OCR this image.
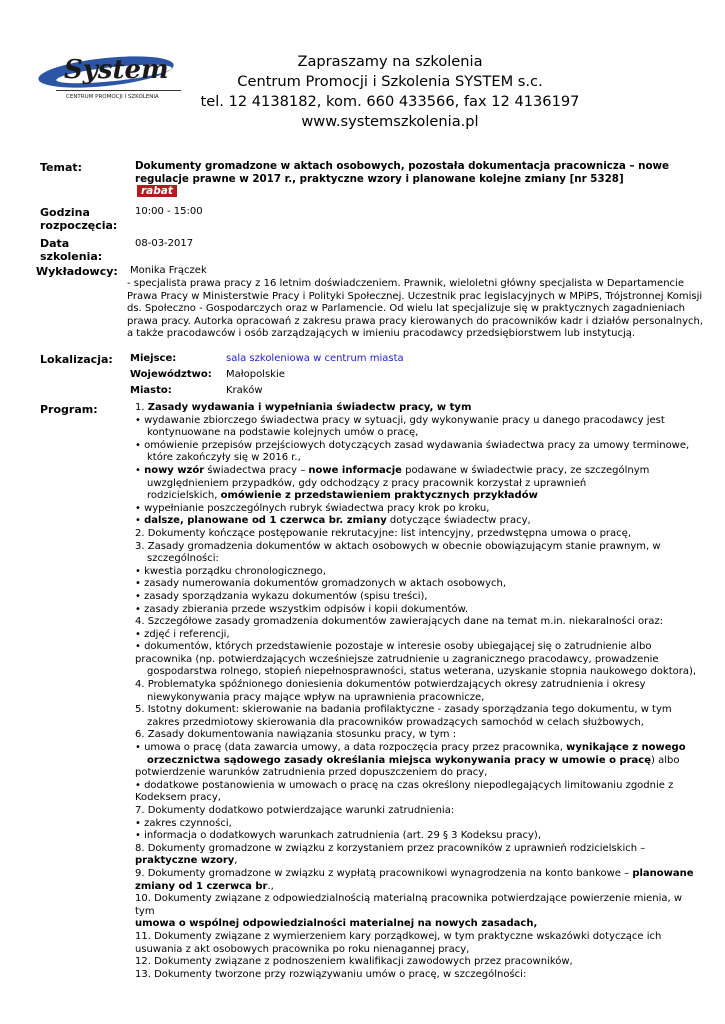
System
CENTRUM PROMOCJI I SZKOLENIA
Zapraszamy na szkolenia
Centrum Promocji i Szkolenia SYSTEM s.c.
tel. 12 4138182, kom. 660 433566, fax 12 4136197
www.systemszkolenia.pl
Temat:	Dokumenty gromadzone w aktach osobowych, pozostała dokumentacja pracownicza – nowe
regulacje prawne w 2017 r., praktyczne wzory i planowane kolejne zmiany [nr 5328]
rabat
Godzina
rozpoczęcia:
10:00 - 15:00
Data
szkolenia:
08-03-2017
Wykładowcy: Monika Frączek
- specjalista prawa pracy z 16 letnim doświadczeniem. Prawnik, wieloletni główny specjalista w Departamencie
Prawa Pracy w Ministerstwie Pracy i Polityki Społecznej. Uczestnik prac legislacyjnych w MPiPS, Trójstronnej Komisji
ds. Społeczno - Gospodarczych oraz w Parlamencie. Od wielu lat specjalizuje się w praktycznych zagadnieniach
prawa pracy. Autorka opracowań z zakresu prawa pracy kierowanych do pracowników kadr i działów personalnych,
a także pracodawców i osób zarządzających w imieniu pracodawcy przedsiębiorstwem lub instytucją.
Lokalizacja: Miejsce:	sala szkoleniowa w centrum miasta
Województwo: Małopolskie
Miasto:	Kraków
Program:	1. Zasady wydawania i wypełniania świadectw pracy, w tym

• wydawanie zbiorczego świadectwa pracy w sytuacji, gdy wykonywanie pracy u danego pracodawcy jest

kontynuowane na podstawie kolejnych umów o pracę,

• omówienie przepisów przejściowych dotyczących zasad wydawania świadectwa pracy za umowy terminowe,

które zakończyły się w 2016 r.,

• nowy wzór świadectwa pracy – nowe informacje podawane w świadectwie pracy, ze szczególnym

uwzględnieniem przypadków, gdy odchodzący z pracy pracownik korzystał z uprawnień

rodzicielskich, omówienie z przedstawieniem praktycznych przykładów

• wypełnianie poszczególnych rubryk świadectwa pracy krok po kroku,

• dalsze, planowane od 1 czerwca br. zmiany dotyczące świadectw pracy,

2. Dokumenty kończące postępowanie rekrutacyjne: list intencyjny, przedwstępna umowa o pracę,

3. Zasady gromadzenia dokumentów w aktach osobowych w obecnie obowiązującym stanie prawnym, w

szczególności:

• kwestia porządku chronologicznego,

• zasady numerowania dokumentów gromadzonych w aktach osobowych,

• zasady sporządzania wykazu dokumentów (spisu treści),

• zasady zbierania przede wszystkim odpisów i kopii dokumentów.

4. Szczegółowe zasady gromadzenia dokumentów zawierających dane na temat m.in. niekaralności oraz:

• zdjęć i referencji,

• dokumentów, których przedstawienie pozostaje w interesie osoby ubiegającej się o zatrudnienie albo

pracownika (np. potwierdzających wcześniejsze zatrudnienie u zagranicznego pracodawcy, prowadzenie

gospodarstwa rolnego, stopień niepełnosprawności, status weterana, uzyskanie stopnia naukowego doktora),

4. Problematyka spóźnionego doniesienia dokumentów potwierdzających okresy zatrudnienia i okresy

niewykonywania pracy mające wpływ na uprawnienia pracownicze,

5. Istotny dokument: skierowanie na badania profilaktyczne - zasady sporządzania tego dokumentu, w tym

zakres przedmiotowy skierowania dla pracowników prowadzących samochód w celach służbowych,

6. Zasady dokumentowania nawiązania stosunku pracy, w tym :

• umowa o pracę (data zawarcia umowy, a data rozpoczęcia pracy przez pracownika, wynikające z nowego

orzecznictwa sądowego zasady określania miejsca wykonywania pracy w umowie o pracę) albo

potwierdzenie warunków zatrudnienia przed dopuszczeniem do pracy,

• dodatkowe postanowienia w umowach o pracę na czas określony niepodlegających limitowaniu zgodnie z

Kodeksem pracy,

7. Dokumenty dodatkowo potwierdzające warunki zatrudnienia:

• zakres czynności,

• informacja o dodatkowych warunkach zatrudnienia (art. 29 § 3 Kodeksu pracy),

8. Dokumenty gromadzone w związku z korzystaniem przez pracowników z uprawnień rodzicielskich –

praktyczne wzory,

9. Dokumenty gromadzone w związku z wypłatą pracownikowi wynagrodzenia na konto bankowe – planowane

zmiany od 1 czerwca br.,

10. Dokumenty związane z odpowiedzialnością materialną pracownika potwierdzające powierzenie mienia, w tym

umowa o wspólnej odpowiedzialności materialnej na nowych zasadach,

11. Dokumenty związane z wymierzeniem kary porządkowej, w tym praktyczne wskazówki dotyczące ich

usuwania z akt osobowych pracownika po roku nienagannej pracy,

12. Dokumenty związane z podnoszeniem kwalifikacji zawodowych przez pracowników,

13. Dokumenty tworzone przy rozwiązywaniu umów o pracę, w szczególności:
